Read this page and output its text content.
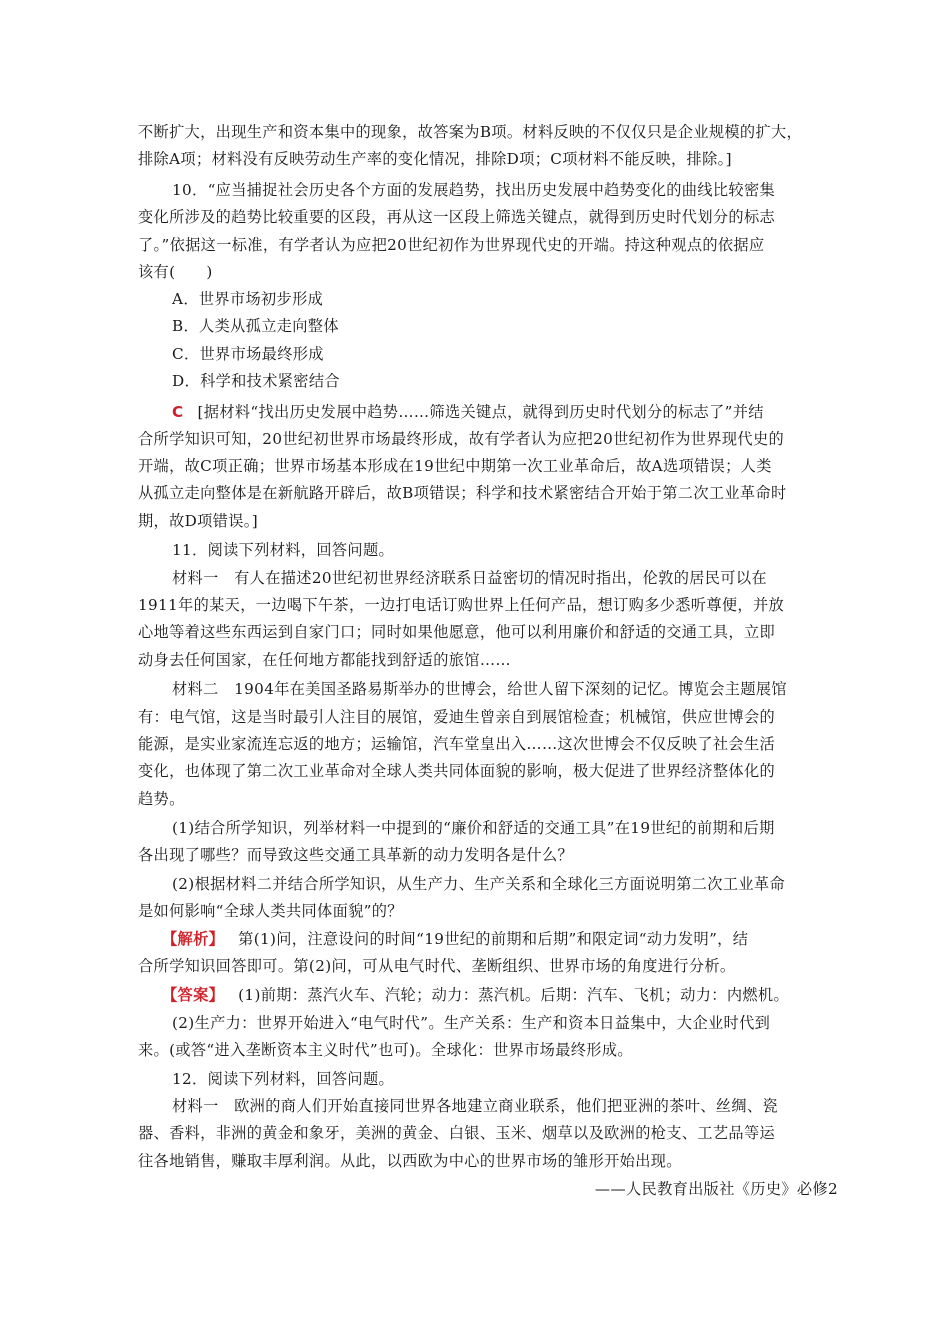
不断扩大，出现生产和资本集中的现象，故答案为B项。材料反映的不仅仅只是企业规模的扩大，
排除A项；材料没有反映劳动生产率的变化情况，排除D项；C项材料不能反映，排除。]
10．“应当捕捉社会历史各个方面的发展趋势，找出历史发展中趋势变化的曲线比较密集
变化所涉及的趋势比较重要的区段，再从这一区段上筛选关键点，就得到历史时代划分的标志
了。”依据这一标准，有学者认为应把20世纪初作为世界现代史的开端。持这种观点的依据应
该有(　　)
A．世界市场初步形成
B．人类从孤立走向整体
C．世界市场最终形成
D．科学和技术紧密结合
C [据材料“找出历史发展中趋势……筛选关键点，就得到历史时代划分的标志了”并结
合所学知识可知，20世纪初世界市场最终形成，故有学者认为应把20世纪初作为世界现代史的
开端，故C项正确；世界市场基本形成在19世纪中期第一次工业革命后，故A选项错误；人类
从孤立走向整体是在新航路开辟后，故B项错误；科学和技术紧密结合开始于第二次工业革命时
期，故D项错误。]
11．阅读下列材料，回答问题。
材料一　有人在描述20世纪初世界经济联系日益密切的情况时指出，伦敦的居民可以在
1911年的某天，一边喝下午茶，一边打电话订购世界上任何产品，想订购多少悉听尊便，并放
心地等着这些东西运到自家门口；同时如果他愿意，他可以利用廉价和舒适的交通工具，立即
动身去任何国家，在任何地方都能找到舒适的旅馆……
材料二　1904年在美国圣路易斯举办的世博会，给世人留下深刻的记忆。博览会主题展馆
有：电气馆，这是当时最引人注目的展馆，爱迪生曾亲自到展馆检查；机械馆，供应世博会的
能源，是实业家流连忘返的地方；运输馆，汽车堂皇出入……这次世博会不仅反映了社会生活
变化，也体现了第二次工业革命对全球人类共同体面貌的影响，极大促进了世界经济整体化的
趋势。
(1)结合所学知识，列举材料一中提到的“廉价和舒适的交通工具”在19世纪的前期和后期
各出现了哪些？而导致这些交通工具革新的动力发明各是什么？
(2)根据材料二并结合所学知识，从生产力、生产关系和全球化三方面说明第二次工业革命
是如何影响“全球人类共同体面貌”的？
【解析】 第(1)问，注意设问的时间“19世纪的前期和后期”和限定词“动力发明”，结
合所学知识回答即可。第(2)问，可从电气时代、垄断组织、世界市场的角度进行分析。
【答案】 (1)前期：蒸汽火车、汽轮；动力：蒸汽机。后期：汽车、飞机；动力：内燃机。
(2)生产力：世界开始进入“电气时代”。生产关系：生产和资本日益集中，大企业时代到
来。(或答“进入垄断资本主义时代”也可)。全球化：世界市场最终形成。
12．阅读下列材料，回答问题。
材料一　欧洲的商人们开始直接同世界各地建立商业联系，他们把亚洲的茶叶、丝绸、瓷
器、香料，非洲的黄金和象牙，美洲的黄金、白银、玉米、烟草以及欧洲的枪支、工艺品等运
往各地销售，赚取丰厚利润。从此，以西欧为中心的世界市场的雏形开始出现。
——人民教育出版社《历史》必修2
